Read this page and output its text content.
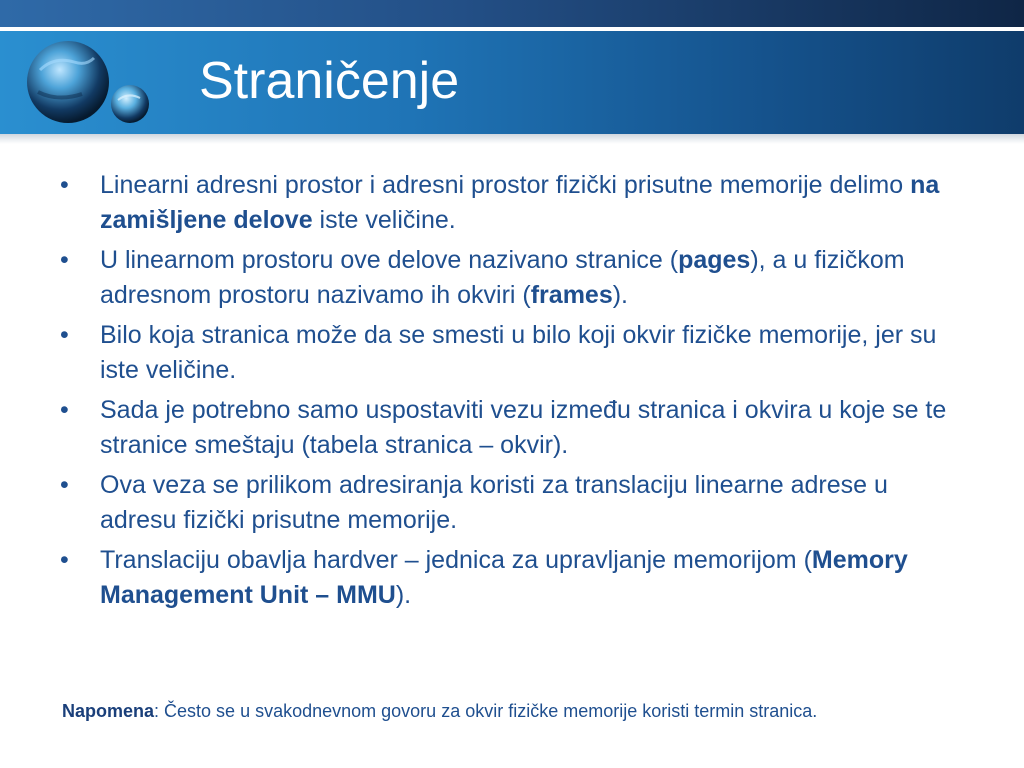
Straničenje
• Linearni adresni prostor i adresni prostor fizički prisutne memorije delimo na zamišljene delove iste veličine.
• U linearnom prostoru ove delove nazivano stranice (pages), a u fizičkom adresnom prostoru nazivamo ih okviri (frames).
• Bilo koja stranica može da se smesti u bilo koji okvir fizičke memorije, jer su iste veličine.
• Sada je potrebno samo uspostaviti vezu između stranica i okvira u koje se te stranice smeštaju (tabela stranica – okvir).
• Ova veza se prilikom adresiranja koristi za translaciju linearne adrese u adresu fizički prisutne memorije.
• Translaciju obavlja hardver – jednica za upravljanje memorijom (Memory Management Unit – MMU).
Napomena: Često se u svakodnevnom govoru za okvir fizičke memorije koristi termin stranica.
